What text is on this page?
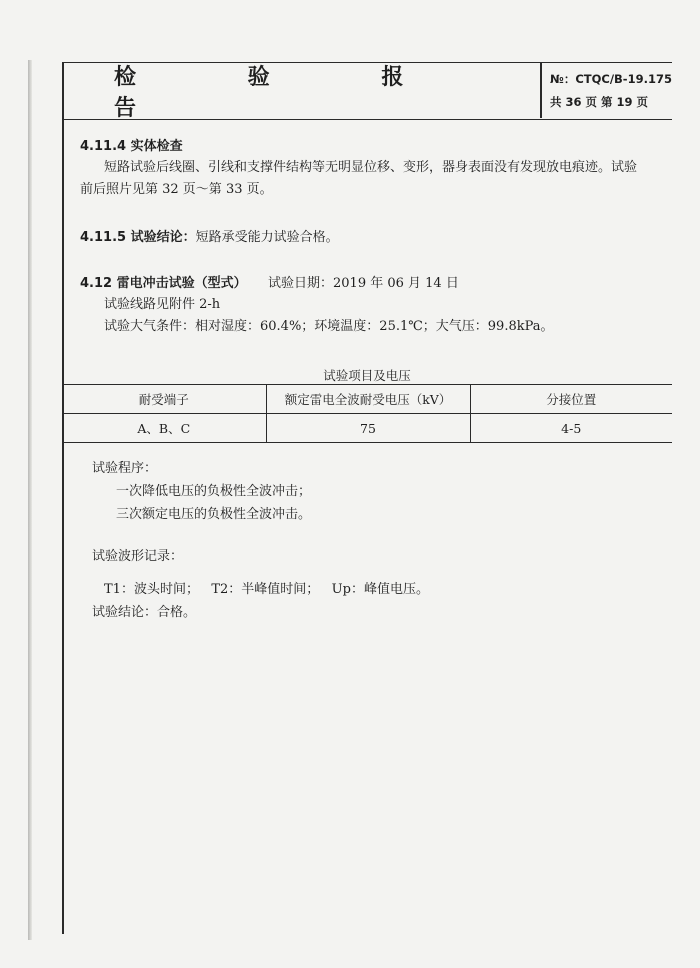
检 验 报 告
№：CTQC/B-19.175
共 36 页 第 19 页
4.11.4 实体检查
短路试验后线圈、引线和支撑件结构等无明显位移、变形，器身表面没有发现放电痕迹。试验
前后照片见第 32 页～第 33 页。
4.11.5 试验结论：短路承受能力试验合格。
4.12 雷电冲击试验（型式） 试验日期：2019 年 06 月 14 日
试验线路见附件 2-h
试验大气条件：相对湿度：60.4%；环境温度：25.1℃；大气压：99.8kPa。
试验项目及电压
耐受端子	额定雷电全波耐受电压（kV）	分接位置
A、B、C	75	4-5
试验程序：
一次降低电压的负极性全波冲击；
三次额定电压的负极性全波冲击。
试验波形记录：
T1：波头时间；   T2：半峰值时间；   Up：峰值电压。
试验结论：合格。
